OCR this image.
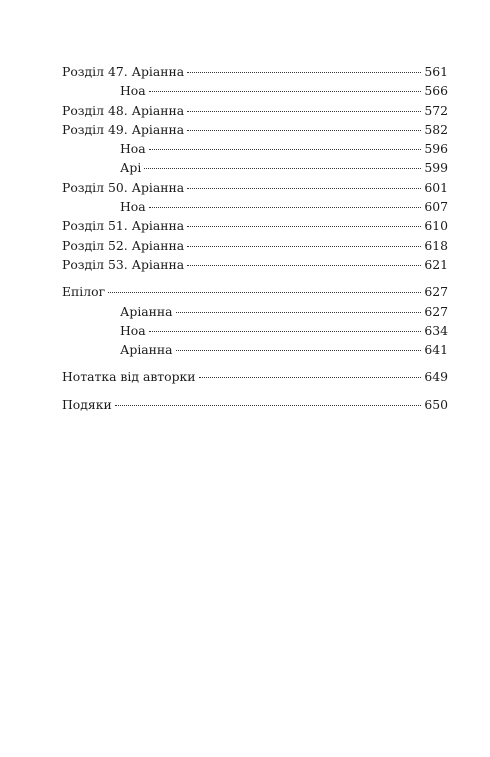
Розділ 47. Аріанна	561
Ноа	566
Розділ 48. Аріанна	572
Розділ 49. Аріанна	582
Ноа	596
Арі	599
Розділ 50. Аріанна	601
Ноа	607
Розділ 51. Аріанна	610
Розділ 52. Аріанна	618
Розділ 53. Аріанна	621
Епілог	627
Аріанна	627
Ноа	634
Аріанна	641
Нотатка від авторки	649
Подяки	650
